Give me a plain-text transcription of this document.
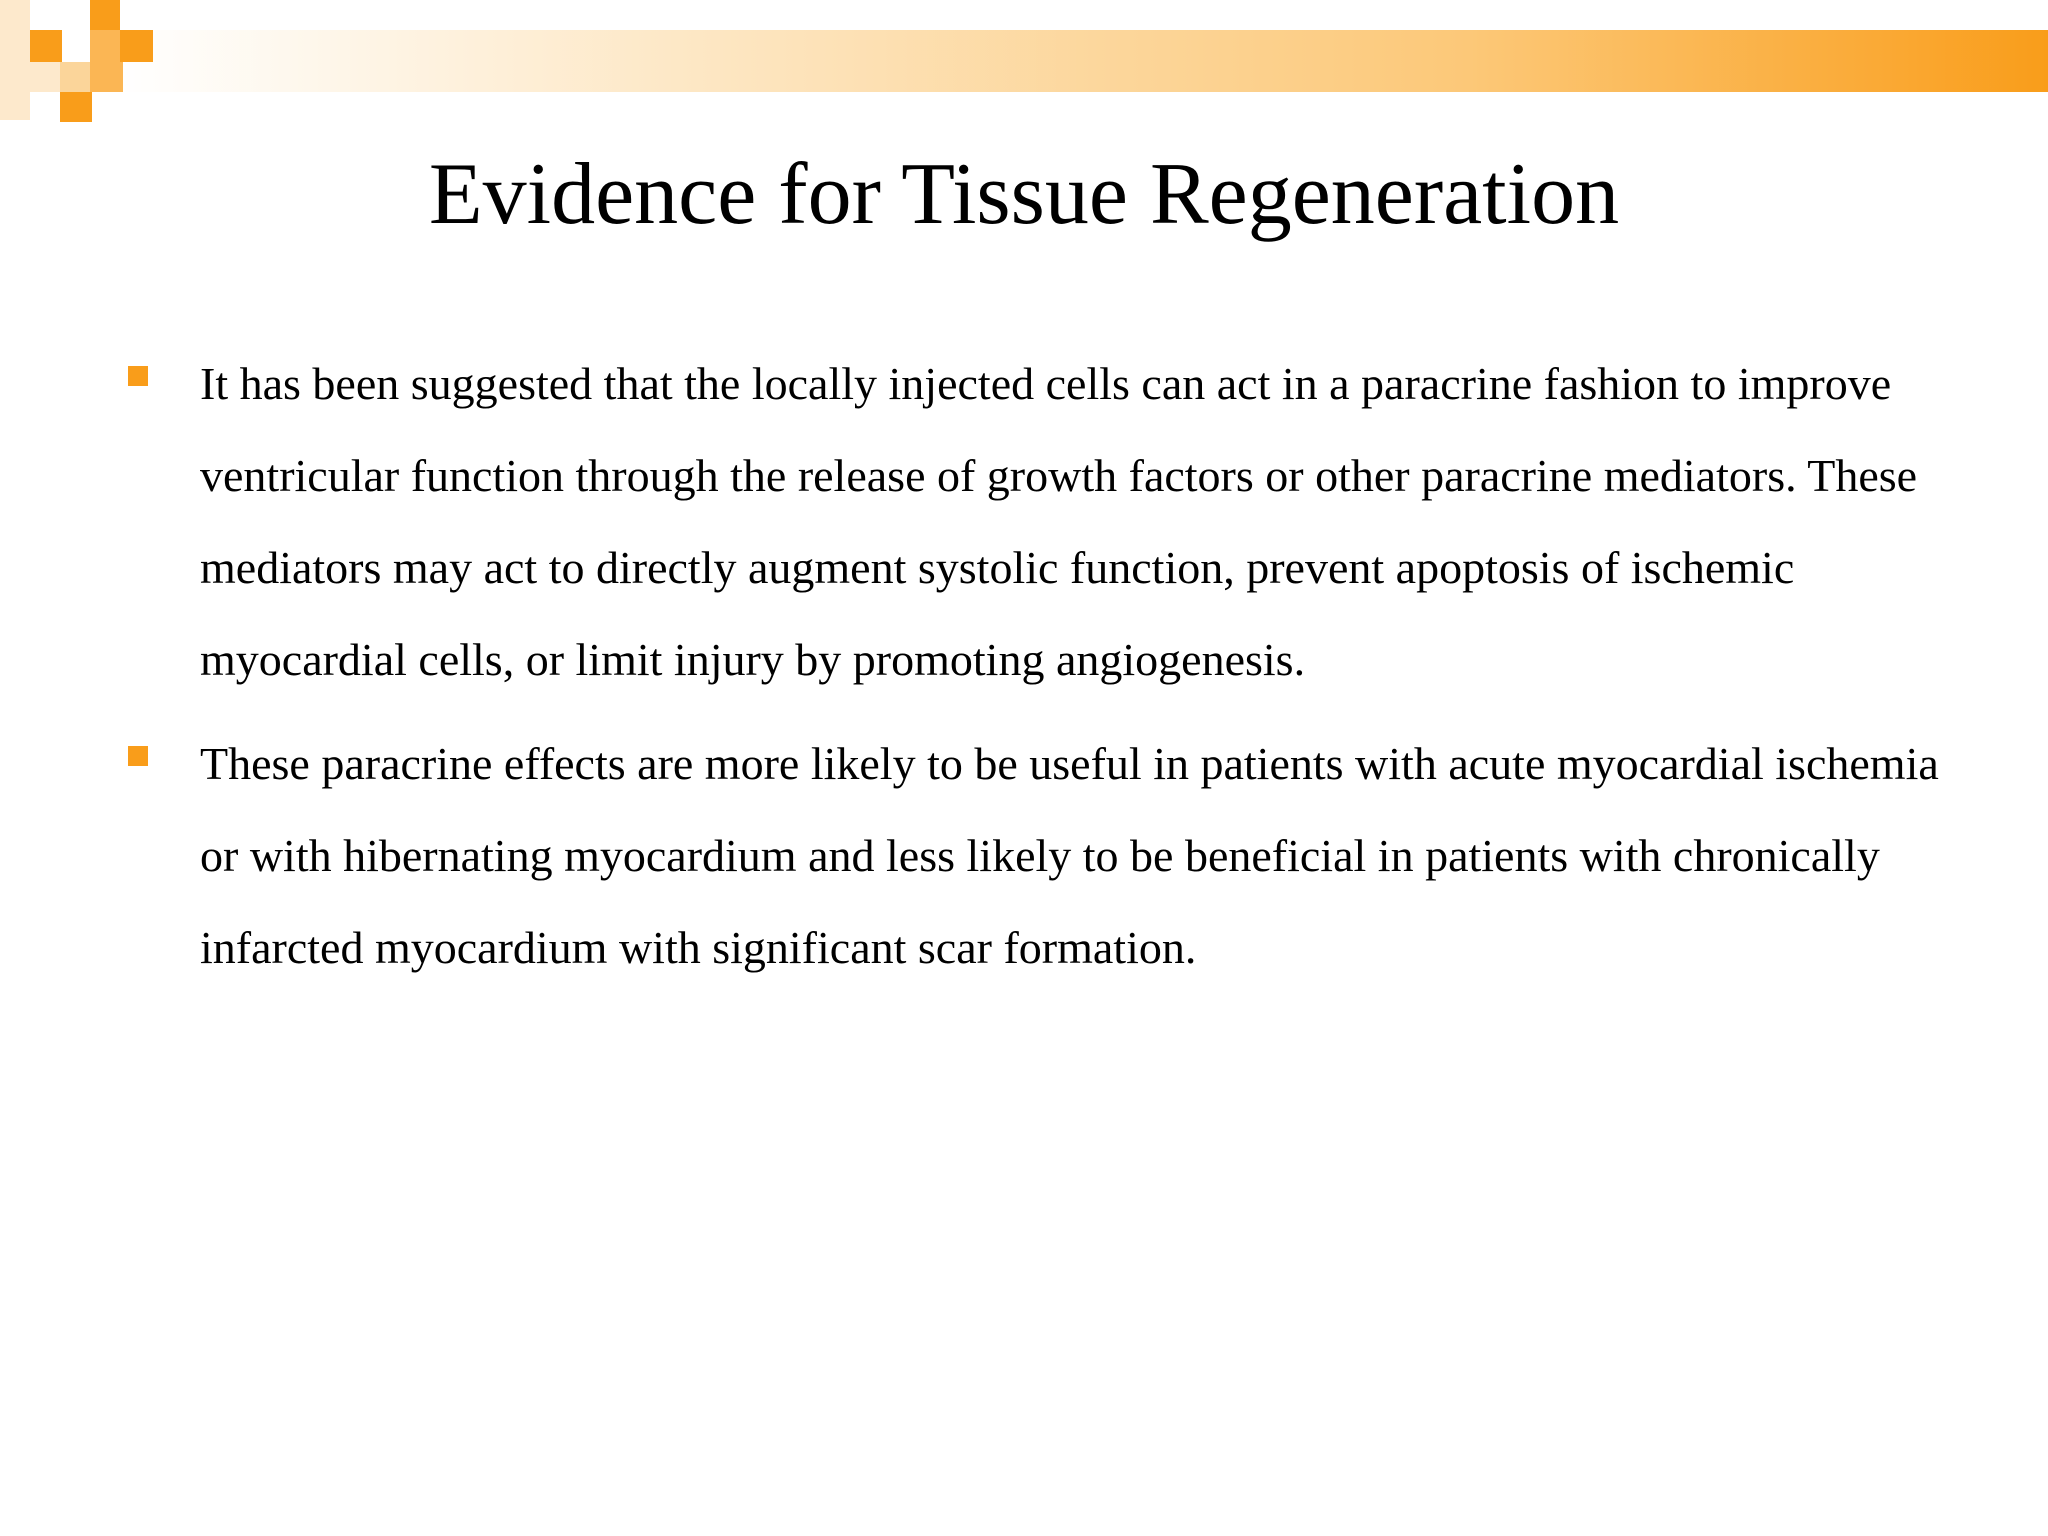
Evidence for Tissue Regeneration
It has been suggested that the locally injected cells can act in a paracrine fashion to improve ventricular function through the release of growth factors or other paracrine mediators. These mediators may act to directly augment systolic function, prevent apoptosis of ischemic myocardial cells, or limit injury by promoting angiogenesis.
These paracrine effects are more likely to be useful in patients with acute myocardial ischemia or with hibernating myocardium and less likely to be beneficial in patients with chronically infarcted myocardium with significant scar formation.
